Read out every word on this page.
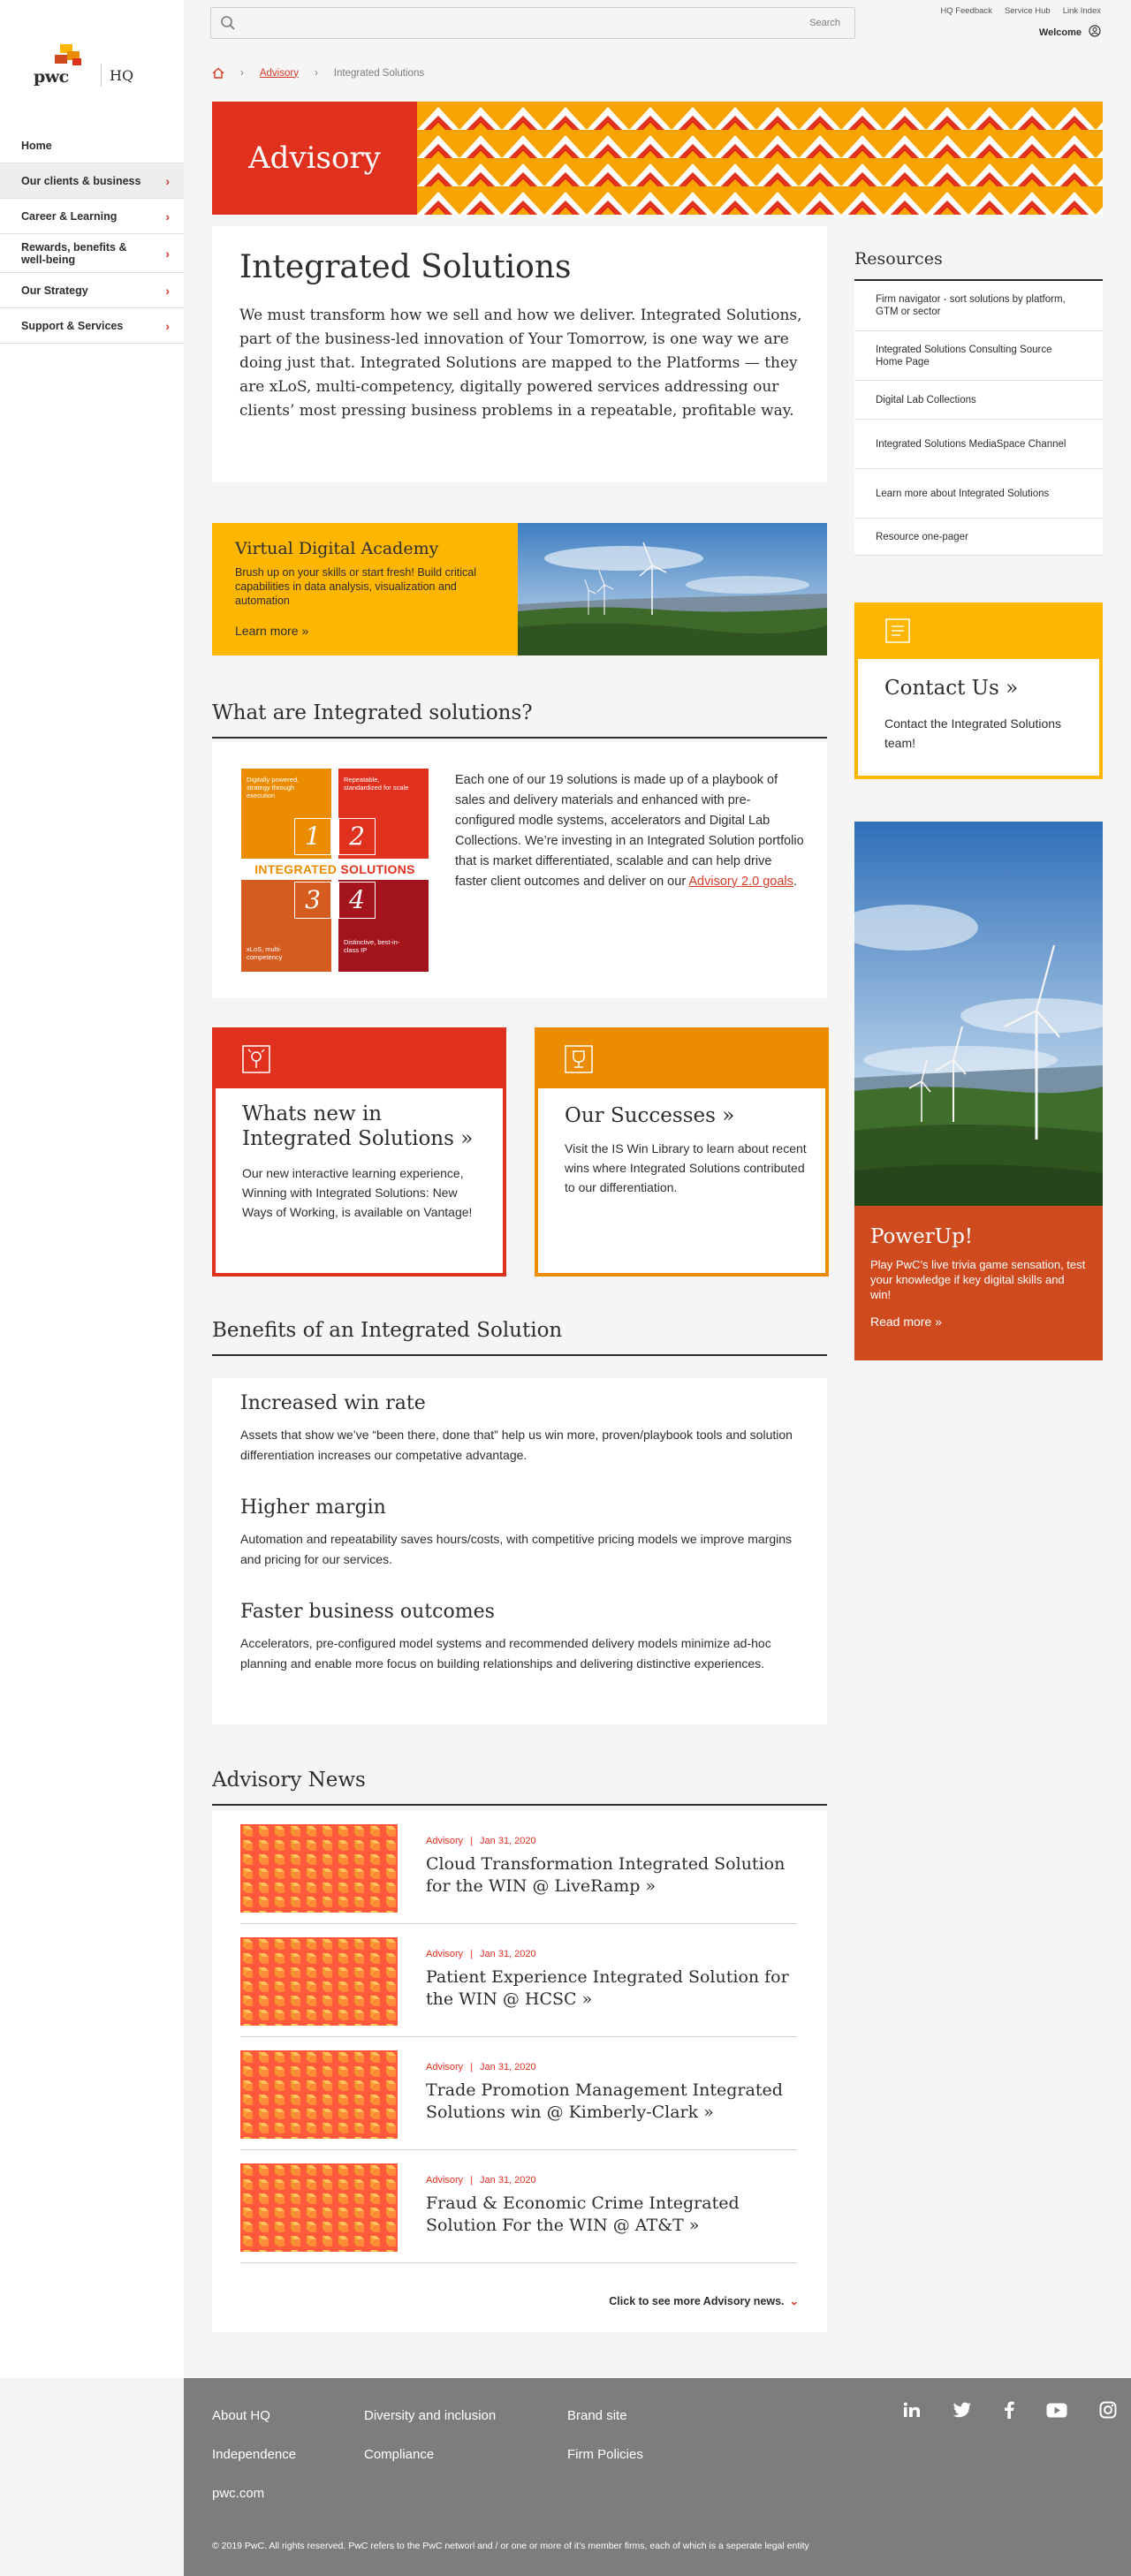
pwc	HQ
Home
Our clients & business ›
Career & Learning	›
Rewards, benefits & well-being	›
Our Strategy	›
Support & Services	›
Search
HQ Feedback Service Hub Link Index
Welcome
› Advisory › Integrated Solutions
Advisory
Integrated Solutions

We must transform how we sell and how we deliver. Integrated Solutions, part of the business-led innovation of Your Tomorrow, is one way we are doing just that. Integrated Solutions are mapped to the Platforms — they are xLoS, multi-competency, digitally powered services addressing our clients’ most pressing business problems in a repeatable, profitable way.

Virtual Digital Academy
Brush up on your skills or start fresh! Build critical capabilities in data analysis, visualization and automation
Learn more »
What are Integrated solutions?
Digitally powered, strategy through execution
Repeatable, standardized for scale
xLoS, multi-competency
Distinctive, best-in-class IP
1	2
3	4
INTEGRATED SOLUTIONS

Each one of our 19 solutions is made up of a playbook of sales and delivery materials and enhanced with pre-configured modle systems, accelerators and Digital Lab Collections. We’re investing in an Integrated Solution portfolio that is market differentiated, scalable and can help drive faster client outcomes and deliver on our Advisory 2.0 goals.

Whats new in Integrated Solutions »
Our new interactive learning experience, Winning with Integrated Solutions: New Ways of Working, is available on Vantage!
Our Successes »
Visit the IS Win Library to learn about recent wins where Integrated Solutions contributed to our differentiation.
Benefits of an Integrated Solution
Increased win rate

Assets that show we’ve “been there, done that” help us win more, proven/playbook tools and solution differentiation increases our competative advantage.

Higher margin

Automation and repeatability saves hours/costs, with competitive pricing models we improve margins and pricing for our services.

Faster business outcomes

Accelerators, pre-configured model systems and recommended delivery models minimize ad-hoc planning and enable more focus on building relationships and delivering distinctive experiences.

Advisory News
Advisory | Jan 31, 2020
Cloud Transformation Integrated Solution for the WIN @ LiveRamp »
Advisory | Jan 31, 2020
Patient Experience Integrated Solution for the WIN @ HCSC »
Advisory | Jan 31, 2020
Trade Promotion Management Integrated Solutions win @ Kimberly-Clark »
Advisory | Jan 31, 2020
Fraud & Economic Crime Integrated Solution For the WIN @ AT&T »
Click to see more Advisory news. ⌄
Resources
Firm navigator - sort solutions by platform, GTM or sector
Integrated Solutions Consulting Source Home Page
Digital Lab Collections
Integrated Solutions MediaSpace Channel
Learn more about Integrated Solutions
Resource one-pager
Contact Us »

Contact the Integrated Solutions team!

PowerUp!
Play PwC’s live trivia game sensation, test your knowledge if key digital skills and win!
Read more »
About HQ	Diversity and inclusion	Brand site
Independence	Compliance	Firm Policies
pwc.com
© 2019 PwC. All rights reserved. PwC refers to the PwC networl and / or one or more of it’s member firms, each of which is a seperate legal entity
